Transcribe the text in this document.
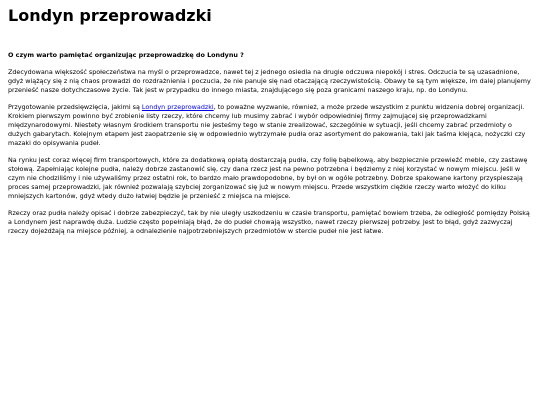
Londyn przeprowadzki
O czym warto pamiętać organizując przeprowadzkę do Londynu ?

Zdecydowana większość społeczeństwa na myśl o przeprowadzce, nawet tej z jednego osiedla na drugie odczuwa niepokój i stres. Odczucia te są uzasadnione, gdyż wiążący się z nią chaos prowadzi do rozdrażnienia i poczucia, że nie panuje się nad otaczającą rzeczywistością. Obawy te są tym większe, im dalej planujemy przenieść nasze dotychczasowe życie. Tak jest w przypadku do innego miasta, znajdującego się poza granicami naszego kraju, np. do Londynu.

Przygotowanie przedsięwzięcia, jakimi są Londyn przeprowadzki, to poważne wyzwanie, również, a może przede wszystkim z punktu widzenia dobrej organizacji. Krokiem pierwszym powinno być zrobienie listy rzeczy, które chcemy lub musimy zabrać i wybór odpowiedniej firmy zajmującej się przeprowadzkami międzynarodowymi. Niestety własnym środkiem transportu nie jesteśmy tego w stanie zrealizować, szczególnie w sytuacji, jeśli chcemy zabrać przedmioty o dużych gabarytach. Kolejnym etapem jest zaopatrzenie się w odpowiednio wytrzymałe pudła oraz asortyment do pakowania, taki jak taśma klejąca, nożyczki czy mazaki do opisywania pudeł.

Na rynku jest coraz więcej firm transportowych, które za dodatkową opłatą dostarczają pudła, czy folię bąbelkową, aby bezpiecznie przewieźć meble, czy zastawę stołową. Zapełniając kolejne pudła, należy dobrze zastanowić się, czy dana rzecz jest na pewno potrzebna i będziemy z niej korzystać w nowym miejscu. Jeśli w czym nie chodziliśmy i nie używaliśmy przez ostatni rok, to bardzo mało prawdopodobne, by był on w ogóle potrzebny. Dobrze spakowane kartony przyspieszają proces samej przeprowadzki, jak również pozwalają szybciej zorganizować się już w nowym miejscu. Przede wszystkim ciężkie rzeczy warto włożyć do kilku mniejszych kartonów, gdyż wtedy dużo łatwiej będzie je przenieść z miejsca na miejsce.

Rzeczy oraz pudła należy opisać i dobrze zabezpieczyć, tak by nie uległy uszkodzeniu w czasie transportu, pamiętać bowiem trzeba, że odległość pomiędzy Polską a Londynem jest naprawdę duża. Ludzie często popełniają błąd, że do pudeł chowają wszystko, nawet rzeczy pierwszej potrzeby. Jest to błąd, gdyż zazwyczaj rzeczy dojeżdżają na miejsce później, a odnalezienie najpotrzebniejszych przedmiotów w stercie pudeł nie jest łatwe.
